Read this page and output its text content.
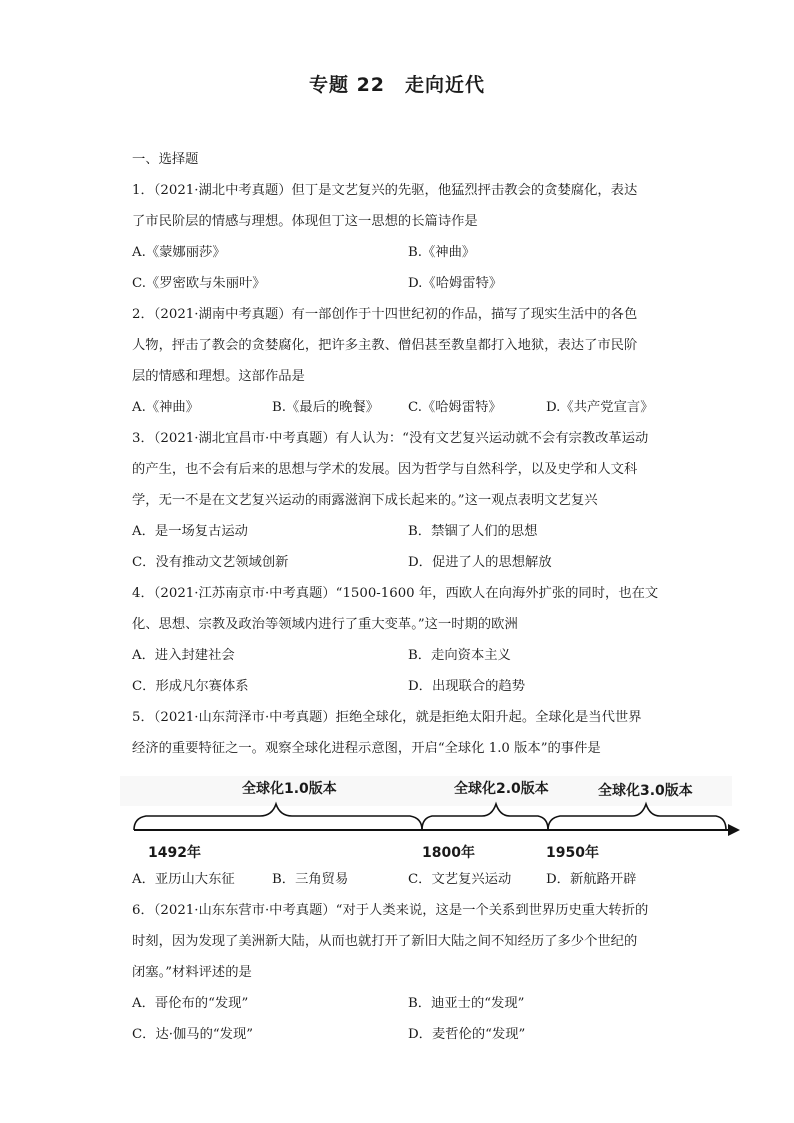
专题 22　走向近代
一、选择题
1．（2021·湖北中考真题）但丁是文艺复兴的先驱，他猛烈抨击教会的贪婪腐化，表达
了市民阶层的情感与理想。体现但丁这一思想的长篇诗作是
A.《蒙娜丽莎》	B.《神曲》
C.《罗密欧与朱丽叶》	D.《哈姆雷特》
2．（2021·湖南中考真题）有一部创作于十四世纪初的作品，描写了现实生活中的各色
人物，抨击了教会的贪婪腐化，把许多主教、僧侣甚至教皇都打入地狱，表达了市民阶
层的情感和理想。这部作品是
A.《神曲》	B.《最后的晚餐》	C.《哈姆雷特》	D.《共产党宣言》
3．（2021·湖北宜昌市·中考真题）有人认为：“没有文艺复兴运动就不会有宗教改革运动
的产生，也不会有后来的思想与学术的发展。因为哲学与自然科学，以及史学和人文科
学，无一不是在文艺复兴运动的雨露滋润下成长起来的。”这一观点表明文艺复兴
A．是一场复古运动	B．禁锢了人们的思想
C．没有推动文艺领域创新	D．促进了人的思想解放
4．（2021·江苏南京市·中考真题）“1500-1600 年，西欧人在向海外扩张的同时，也在文
化、思想、宗教及政治等领域内进行了重大变革。”这一时期的欧洲
A．进入封建社会	B．走向资本主义
C．形成凡尔赛体系	D．出现联合的趋势
5．（2021·山东菏泽市·中考真题）拒绝全球化，就是拒绝太阳升起。全球化是当代世界
经济的重要特征之一。观察全球化进程示意图，开启“全球化 1.0 版本”的事件是
全球化1.0版本	全球化2.0版本	全球化3.0版本
1492年	1800年	1950年
A．亚历山大东征	B．三角贸易	C．文艺复兴运动	D．新航路开辟
6．（2021·山东东营市·中考真题）“对于人类来说，这是一个关系到世界历史重大转折的
时刻，因为发现了美洲新大陆，从而也就打开了新旧大陆之间不知经历了多少个世纪的
闭塞。”材料评述的是
A．哥伦布的“发现”	B．迪亚士的“发现”
C．达·伽马的“发现”	D．麦哲伦的“发现”
